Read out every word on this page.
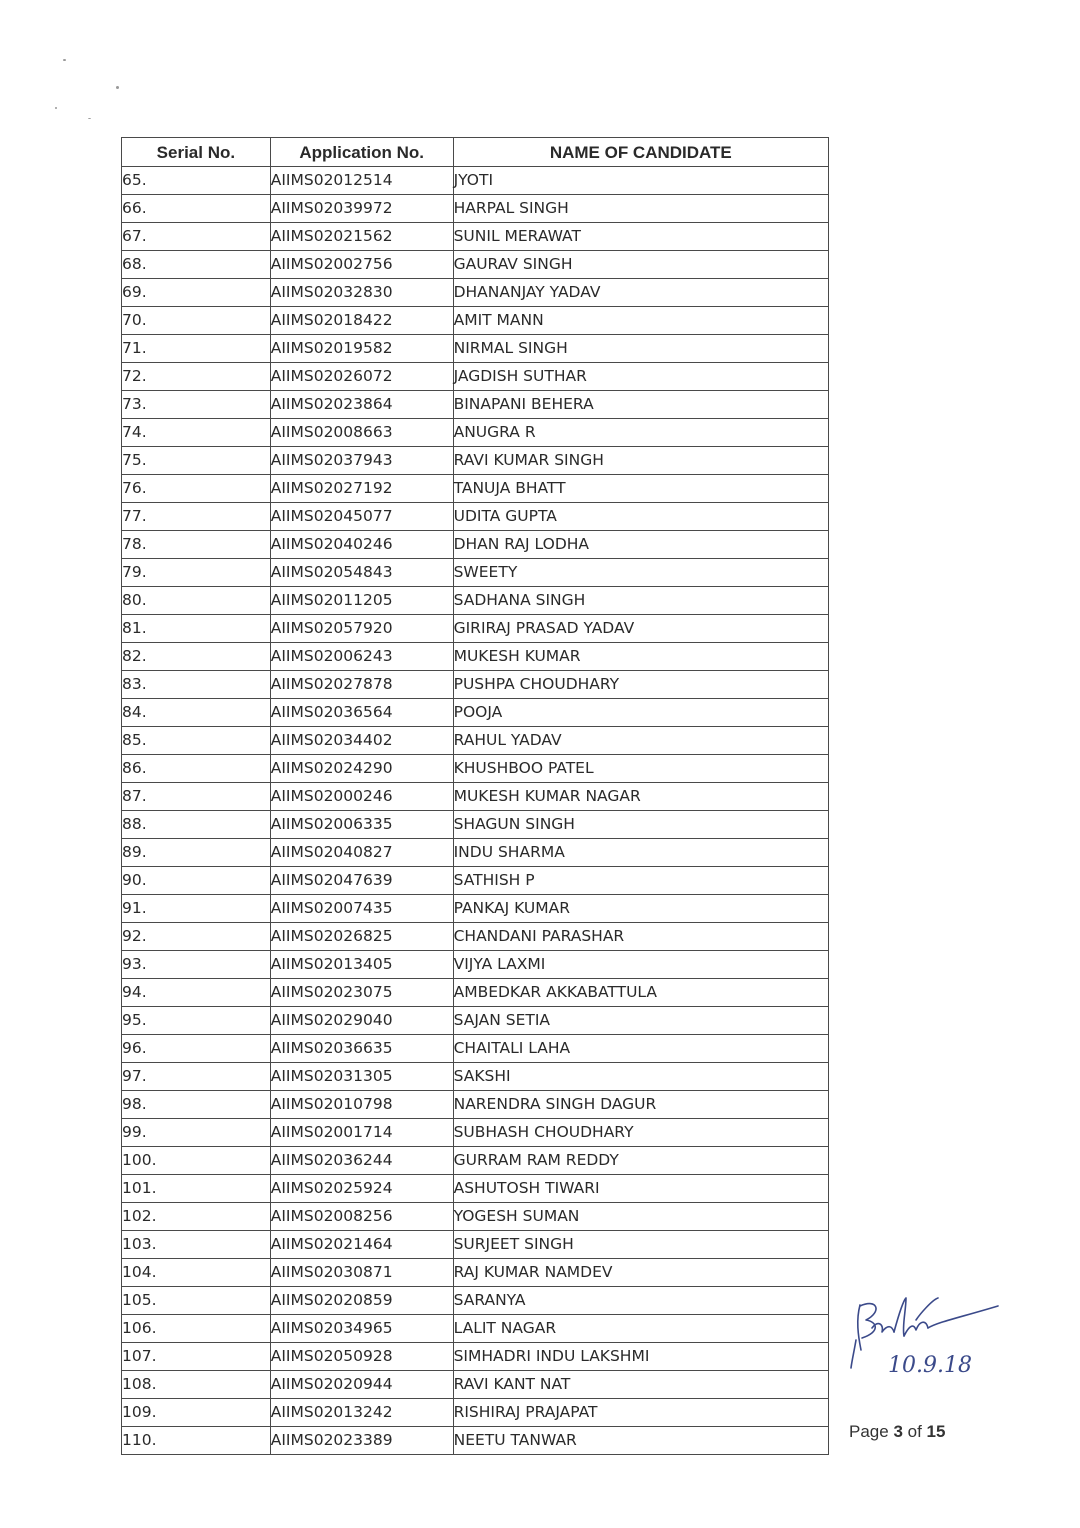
Serial No.	Application No.	NAME OF CANDIDATE
65.	AIIMS02012514	JYOTI
66.	AIIMS02039972	HARPAL SINGH
67.	AIIMS02021562	SUNIL MERAWAT
68.	AIIMS02002756	GAURAV SINGH
69.	AIIMS02032830	DHANANJAY YADAV
70.	AIIMS02018422	AMIT MANN
71.	AIIMS02019582	NIRMAL SINGH
72.	AIIMS02026072	JAGDISH SUTHAR
73.	AIIMS02023864	BINAPANI BEHERA
74.	AIIMS02008663	ANUGRA R
75.	AIIMS02037943	RAVI KUMAR SINGH
76.	AIIMS02027192	TANUJA BHATT
77.	AIIMS02045077	UDITA GUPTA
78.	AIIMS02040246	DHAN RAJ LODHA
79.	AIIMS02054843	SWEETY
80.	AIIMS02011205	SADHANA SINGH
81.	AIIMS02057920	GIRIRAJ PRASAD YADAV
82.	AIIMS02006243	MUKESH KUMAR
83.	AIIMS02027878	PUSHPA CHOUDHARY
84.	AIIMS02036564	POOJA
85.	AIIMS02034402	RAHUL YADAV
86.	AIIMS02024290	KHUSHBOO PATEL
87.	AIIMS02000246	MUKESH KUMAR NAGAR
88.	AIIMS02006335	SHAGUN SINGH
89.	AIIMS02040827	INDU SHARMA
90.	AIIMS02047639	SATHISH P
91.	AIIMS02007435	PANKAJ KUMAR
92.	AIIMS02026825	CHANDANI PARASHAR
93.	AIIMS02013405	VIJYA LAXMI
94.	AIIMS02023075	AMBEDKAR AKKABATTULA
95.	AIIMS02029040	SAJAN SETIA
96.	AIIMS02036635	CHAITALI LAHA
97.	AIIMS02031305	SAKSHI
98.	AIIMS02010798	NARENDRA SINGH DAGUR
99.	AIIMS02001714	SUBHASH CHOUDHARY
100.	AIIMS02036244	GURRAM RAM REDDY
101.	AIIMS02025924	ASHUTOSH TIWARI
102.	AIIMS02008256	YOGESH SUMAN
103.	AIIMS02021464	SURJEET SINGH
104.	AIIMS02030871	RAJ KUMAR NAMDEV
105.	AIIMS02020859	SARANYA
106.	AIIMS02034965	LALIT NAGAR
107.	AIIMS02050928	SIMHADRI INDU LAKSHMI
108.	AIIMS02020944	RAVI KANT NAT
109.	AIIMS02013242	RISHIRAJ PRAJAPAT
110.	AIIMS02023389	NEETU TANWAR
10.9.18
Page 3 of 15
